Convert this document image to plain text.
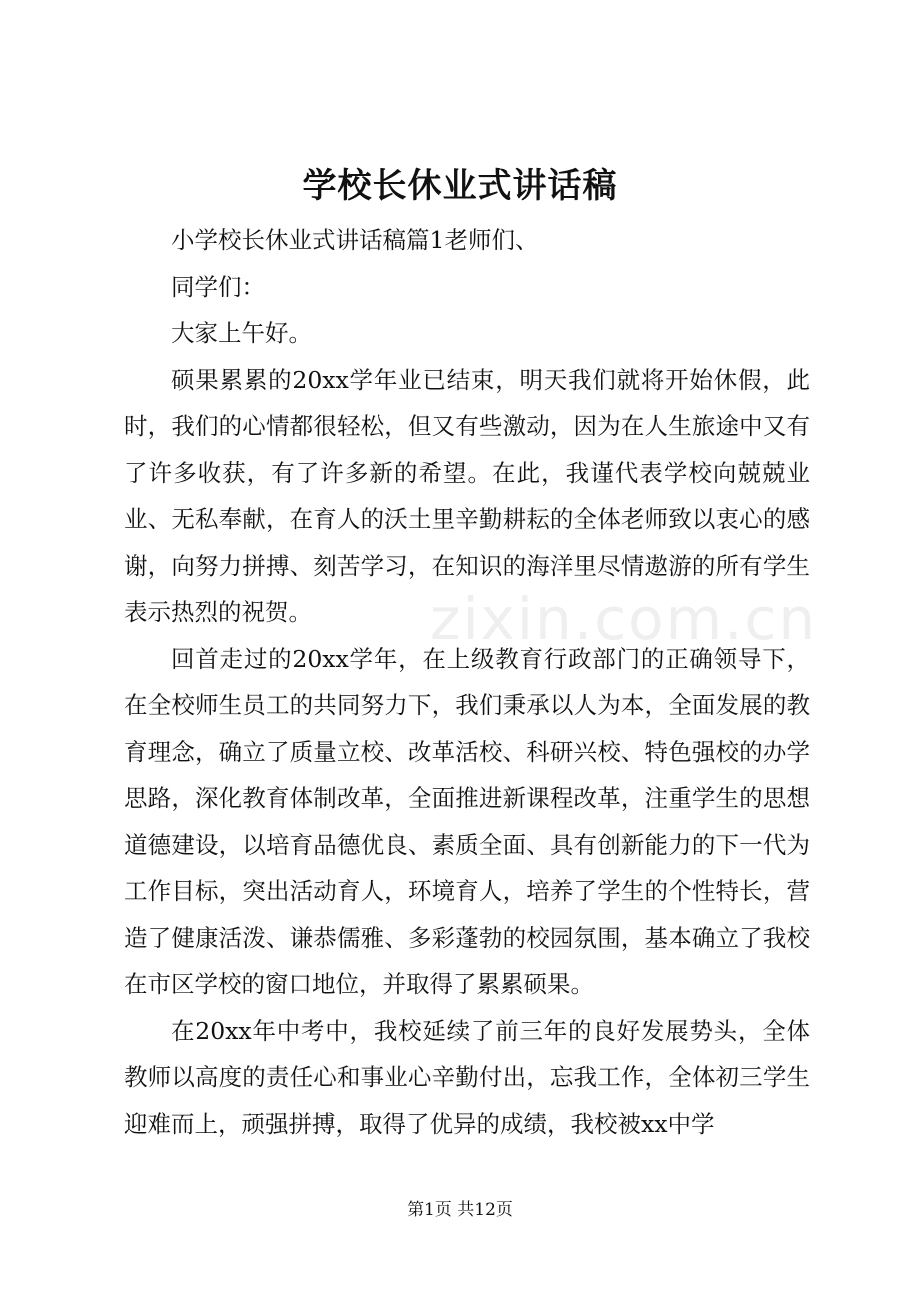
学校长休业式讲话稿

小学校长休业式讲话稿篇1老师们、

同学们：

大家上午好。

硕果累累的20xx学年业已结束，明天我们就将开始休假，此时，我们的心情都很轻松，但又有些激动，因为在人生旅途中又有了许多收获，有了许多新的希望。在此，我谨代表学校向兢兢业业、无私奉献，在育人的沃土里辛勤耕耘的全体老师致以衷心的感谢，向努力拼搏、刻苦学习，在知识的海洋里尽情遨游的所有学生表示热烈的祝贺。

回首走过的20xx学年，在上级教育行政部门的正确领导下，在全校师生员工的共同努力下，我们秉承以人为本，全面发展的教育理念，确立了质量立校、改革活校、科研兴校、特色强校的办学思路，深化教育体制改革，全面推进新课程改革，注重学生的思想道德建设，以培育品德优良、素质全面、具有创新能力的下一代为工作目标，突出活动育人，环境育人，培养了学生的个性特长，营造了健康活泼、谦恭儒雅、多彩蓬勃的校园氛围，基本确立了我校在市区学校的窗口地位，并取得了累累硕果。

在20xx年中考中，我校延续了前三年的良好发展势头，全体教师以高度的责任心和事业心辛勤付出，忘我工作，全体初三学生迎难而上，顽强拼搏，取得了优异的成绩，我校被xx中学

zixin.com.cn
第1页 共12页
